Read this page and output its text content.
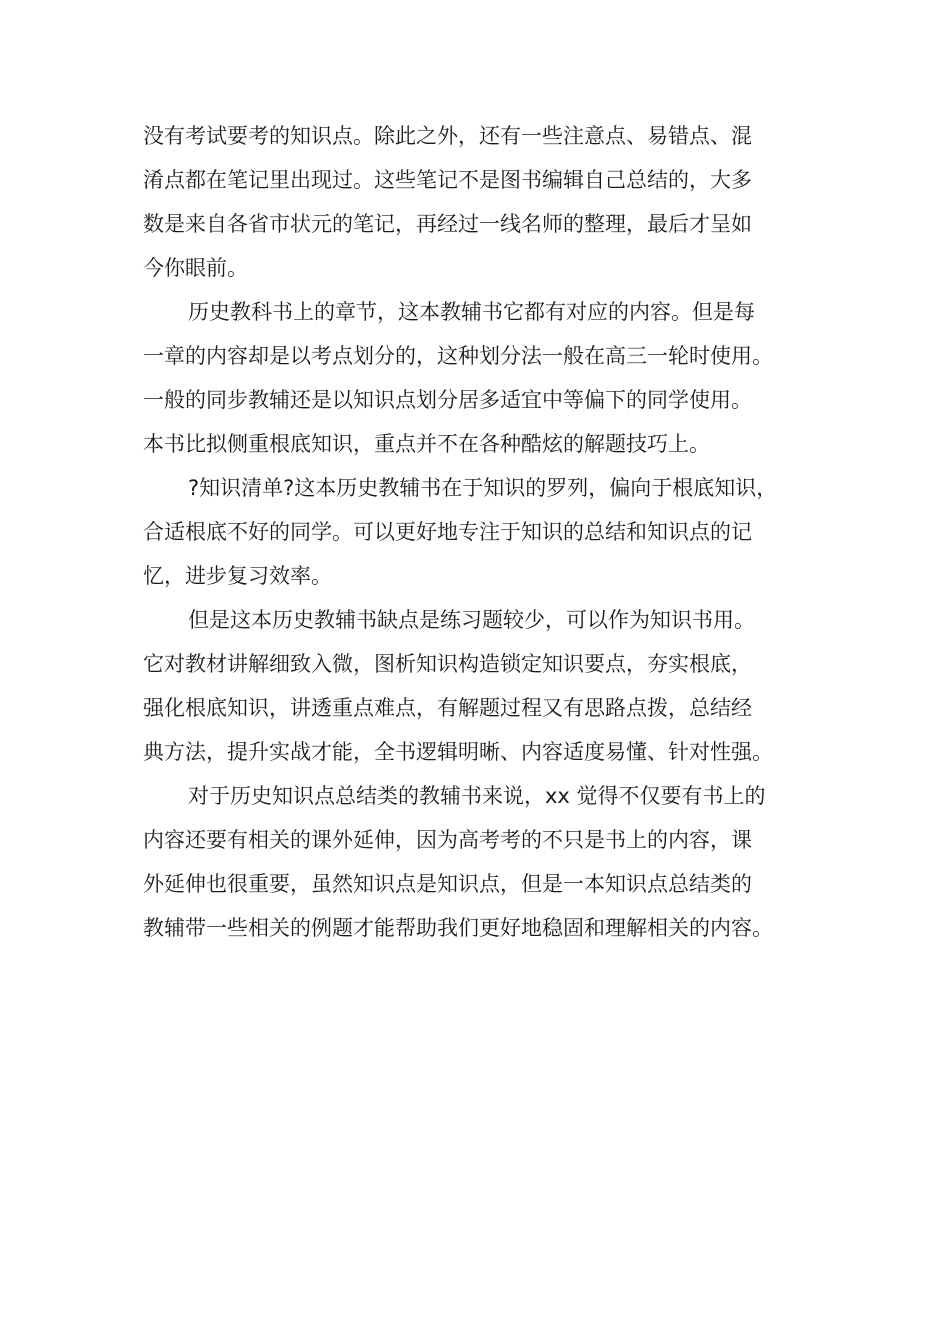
没有考试要考的知识点。除此之外，还有一些注意点、易错点、混
淆点都在笔记里出现过。这些笔记不是图书编辑自己总结的，大多
数是来自各省市状元的笔记，再经过一线名师的整理，最后才呈如
今你眼前。
历史教科书上的章节，这本教辅书它都有对应的内容。但是每
一章的内容却是以考点划分的，这种划分法一般在高三一轮时使用。
一般的同步教辅还是以知识点划分居多适宜中等偏下的同学使用。
本书比拟侧重根底知识，重点并不在各种酷炫的解题技巧上。
?知识清单?这本历史教辅书在于知识的罗列，偏向于根底知识，
合适根底不好的同学。可以更好地专注于知识的总结和知识点的记
忆，进步复习效率。
但是这本历史教辅书缺点是练习题较少，可以作为知识书用。
它对教材讲解细致入微，图析知识构造锁定知识要点，夯实根底，
强化根底知识，讲透重点难点，有解题过程又有思路点拨，总结经
典方法，提升实战才能，全书逻辑明晰、内容适度易懂、针对性强。
对于历史知识点总结类的教辅书来说，xx 觉得不仅要有书上的
内容还要有相关的课外延伸，因为高考考的不只是书上的内容，课
外延伸也很重要，虽然知识点是知识点，但是一本知识点总结类的
教辅带一些相关的例题才能帮助我们更好地稳固和理解相关的内容。
